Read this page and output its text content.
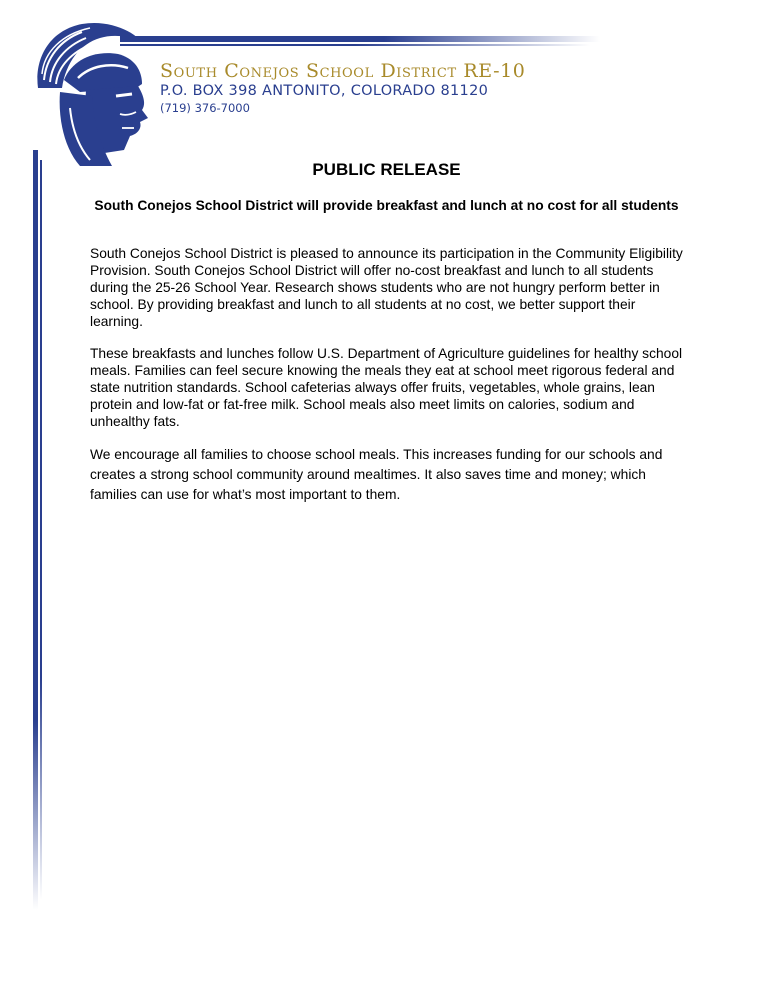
South Conejos School District RE-10
P.O. BOX 398 ANTONITO, COLORADO 81120
(719) 376-7000
PUBLIC RELEASE
South Conejos School District will provide breakfast and lunch at no cost for all students

South Conejos School District is pleased to announce its participation in the Community Eligibility Provision. South Conejos School District will offer no-cost breakfast and lunch to all students during the 25-26 School Year. Research shows students who are not hungry perform better in school. By providing breakfast and lunch to all students at no cost, we better support their learning.

These breakfasts and lunches follow U.S. Department of Agriculture guidelines for healthy school meals. Families can feel secure knowing the meals they eat at school meet rigorous federal and state nutrition standards. School cafeterias always offer fruits, vegetables, whole grains, lean protein and low-fat or fat-free milk. School meals also meet limits on calories, sodium and unhealthy fats.

We encourage all families to choose school meals. This increases funding for our schools and creates a strong school community around mealtimes. It also saves time and money; which families can use for what’s most important to them.
